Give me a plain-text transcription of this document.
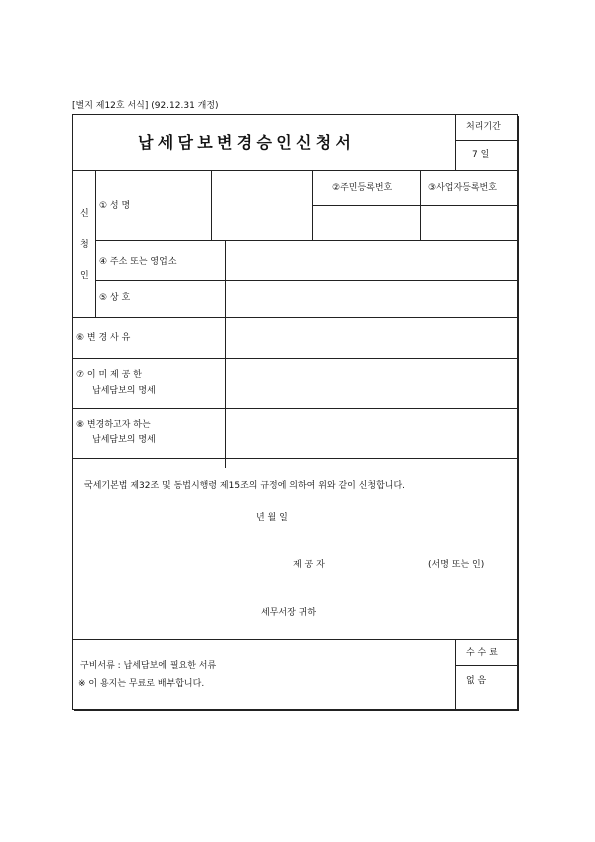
[별지 제12호 서식] (92.12.31 개정)
납세담보변경승인신청서
처리기간
7 일
신
청
인
① 성 명
②주민등록번호	③사업자등록번호
④ 주소 또는 영업소
⑤ 상 호
⑥ 변 경 사 유
⑦ 이 미 제 공 한
납세담보의 명세
⑧ 변경하고자 하는
납세담보의 명세
국세기본법 제32조 및 동법시행령 제15조의 규정에 의하여 위와 같이 신청합니다.
년 월 일
제 공 자	(서명 또는 인)
세무서장 귀하
구비서류 : 납세담보에 필요한 서류
※ 이 용지는 무료로 배부합니다.
수 수 료
없 음
